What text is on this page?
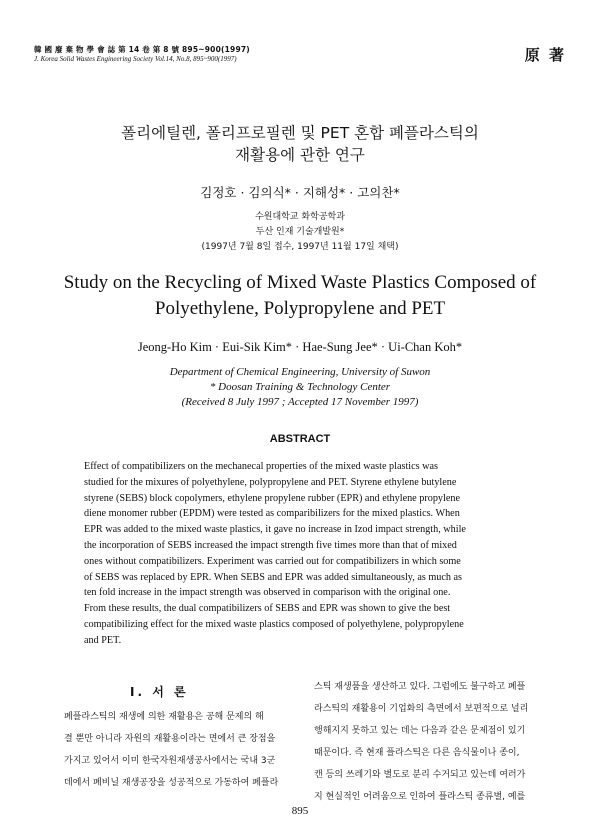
韓 國 廢 棄 物 學 會 誌 第 14 卷 第 8 號 895~900(1997)
J. Korea Solid Wastes Engineering Society Vol.14, No.8, 895~900(1997)	原 著
폴리에틸렌, 폴리프로필렌 및 PET 혼합 폐플라스틱의
재활용에 관한 연구
김정호 · 김의식* · 지해성* · 고의찬*
수원대학교 화학공학과
두산 인재 기술개발원*
(1997년 7월 8일 접수, 1997년 11월 17일 채택)
Study on the Recycling of Mixed Waste Plastics Composed of
Polyethylene, Polypropylene and PET
Jeong-Ho Kim · Eui-Sik Kim* · Hae-Sung Jee* · Ui-Chan Koh*
Department of Chemical Engineering, University of Suwon
* Doosan Training & Technology Center
(Received 8 July 1997 ; Accepted 17 November 1997)
ABSTRACT
Effect of compatibilizers on the mechanecal properties of the mixed waste plastics was
studied for the mixures of polyethylene, polypropylene and PET. Styrene ethylene butylene
styrene (SEBS) block copolymers, ethylene propylene rubber (EPR) and ethylene propylene
diene monomer rubber (EPDM) were tested as comparibilizers for the mixed plastics. When
EPR was added to the mixed waste plastics, it gave no increase in Izod impact strength, while
the incorporation of SEBS increased the impact strength five times more than that of mixed
ones without compatibilizers. Experiment was carried out for compatibilizers in which some
of SEBS was replaced by EPR. When SEBS and EPR was added simultaneously, as much as
ten fold increase in the impact strength was observed in comparison with the original one.
From these results, the dual compatibilizers of SEBS and EPR was shown to give the best
compatibilizing effect for the mixed waste plastics composed of polyethylene, polypropylene
and PET.
I. 서 론
폐플라스틱의 재생에 의한 재활용은 공해 문제의 해
결 뿐만 아니라 자원의 재활용이라는 면에서 큰 장점을
가지고 있어서 이미 한국자원재생공사에서는 국내 3군
데에서 폐비닐 재생공장을 성공적으로 가동하여 폐플라
스틱 재생품을 생산하고 있다. 그럼에도 불구하고 폐플
라스틱의 재활용이 기업화의 측면에서 보편적으로 널리
행해지지 못하고 있는 데는 다음과 같은 문제점이 있기
때문이다. 즉 현재 플라스틱은 다른 음식물이나 종이,
캔 등의 쓰레기와 별도로 분리 수거되고 있는데 여러가
지 현실적인 어려움으로 인하여 플라스틱 종류별, 예를
895
